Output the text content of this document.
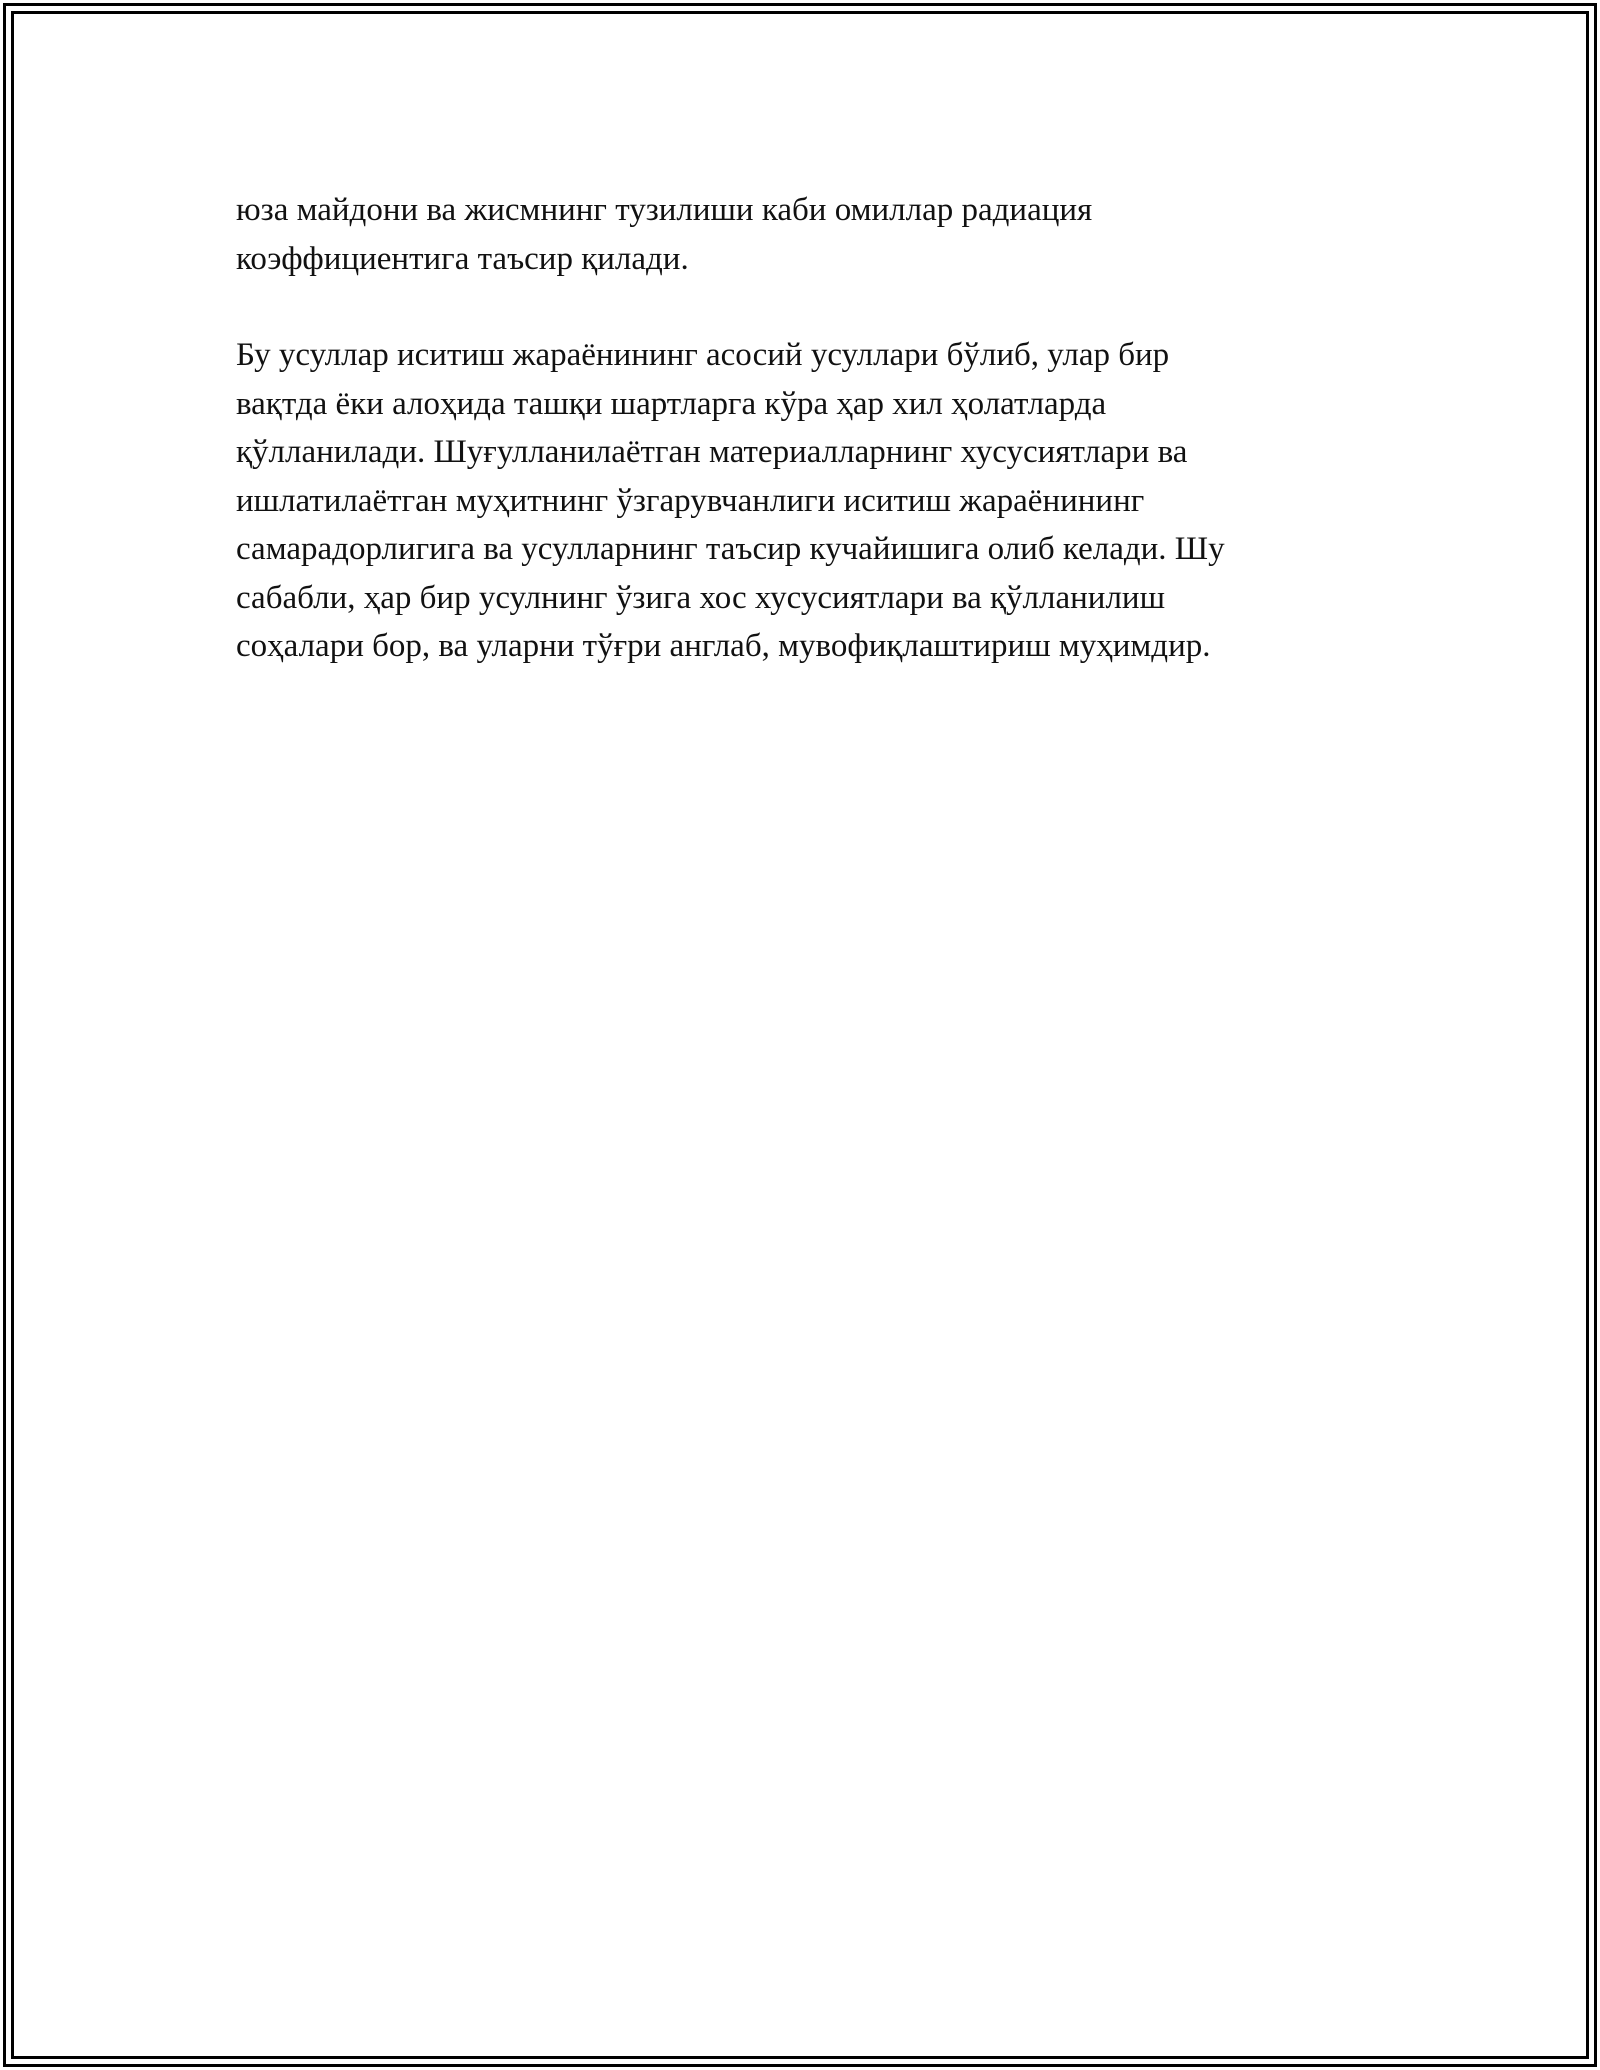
юза майдони ва жисмнинг тузилиши каби омиллар радиация
коэффициентига таъсир қилади.

Бу усуллар иситиш жараёнининг асосий усуллари бўлиб, улар бир
вақтда ёки алоҳида ташқи шартларга кўра ҳар хил ҳолатларда
қўлланилади. Шуғулланилаётган материалларнинг хусусиятлари ва
ишлатилаётган муҳитнинг ўзгарувчанлиги иситиш жараёнининг
самарадорлигига ва усулларнинг таъсир кучайишига олиб келади. Шу
сабабли, ҳар бир усулнинг ўзига хос хусусиятлари ва қўлланилиш
соҳалари бор, ва уларни тўғри англаб, мувофиқлаштириш муҳимдир.
